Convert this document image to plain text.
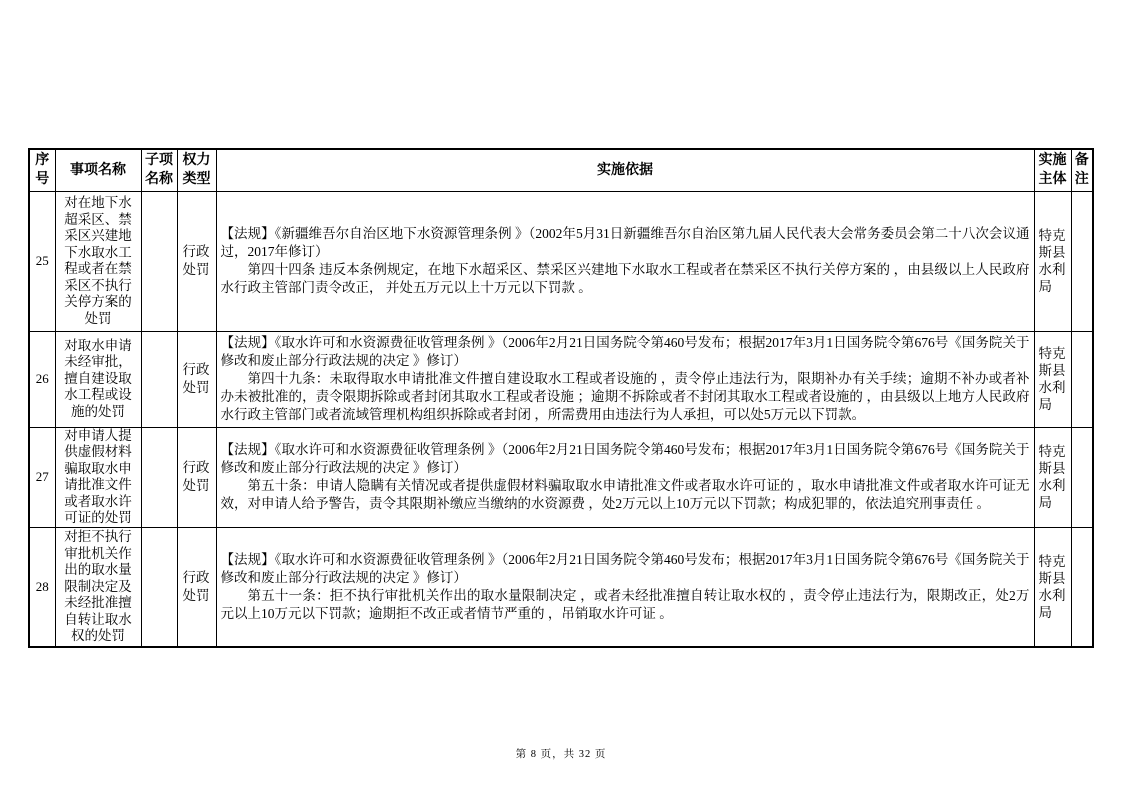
序号	事项名称	子项名称	权力类型	实施依据	实施主体	备注
25	对在地下水超采区、禁采区兴建地下水取水工程或者在禁采区不执行关停方案的处罚		行政处罚	【法规】《新疆维吾尔自治区地下水资源管理条例 》（2002年5月31日新疆维吾尔自治区第九届人民代表大会常务委员会第二十八次会议通过，2017年修订）

第四十四条 违反本条例规定，在地下水超采区、禁采区兴建地下水取水工程或者在禁采区不执行关停方案的 ，由县级以上人民政府水行政主管部门责令改正， 并处五万元以上十万元以下罚款 。	特克斯县水利局	
26	对取水申请未经审批，擅自建设取水工程或设施的处罚		行政处罚	【法规】《取水许可和水资源费征收管理条例 》（2006年2月21日国务院令第460号发布；根据2017年3月1日国务院令第676号《国务院关于修改和废止部分行政法规的决定 》修订）

第四十九条：未取得取水申请批准文件擅自建设取水工程或者设施的 ，责令停止违法行为，限期补办有关手续；逾期不补办或者补办未被批准的，责令限期拆除或者封闭其取水工程或者设施 ；逾期不拆除或者不封闭其取水工程或者设施的 ，由县级以上地方人民政府水行政主管部门或者流域管理机构组织拆除或者封闭 ，所需费用由违法行为人承担，可以处5万元以下罚款。	特克斯县水利局	
27	对申请人提供虚假材料骗取取水申请批准文件或者取水许可证的处罚		行政处罚	【法规】《取水许可和水资源费征收管理条例 》（2006年2月21日国务院令第460号发布；根据2017年3月1日国务院令第676号《国务院关于修改和废止部分行政法规的决定 》修订）

第五十条：申请人隐瞒有关情况或者提供虚假材料骗取取水申请批准文件或者取水许可证的 ，取水申请批准文件或者取水许可证无效，对申请人给予警告，责令其限期补缴应当缴纳的水资源费 ，处2万元以上10万元以下罚款；构成犯罪的，依法追究刑事责任 。	特克斯县水利局	
28	对拒不执行审批机关作出的取水量限制决定及未经批准擅自转让取水权的处罚		行政处罚	【法规】《取水许可和水资源费征收管理条例 》（2006年2月21日国务院令第460号发布；根据2017年3月1日国务院令第676号《国务院关于修改和废止部分行政法规的决定 》修订）

第五十一条：拒不执行审批机关作出的取水量限制决定 ，或者未经批准擅自转让取水权的 ，责令停止违法行为，限期改正，处2万元以上10万元以下罚款；逾期拒不改正或者情节严重的 ，吊销取水许可证 。	特克斯县水利局	
第 8 页，共 32 页
